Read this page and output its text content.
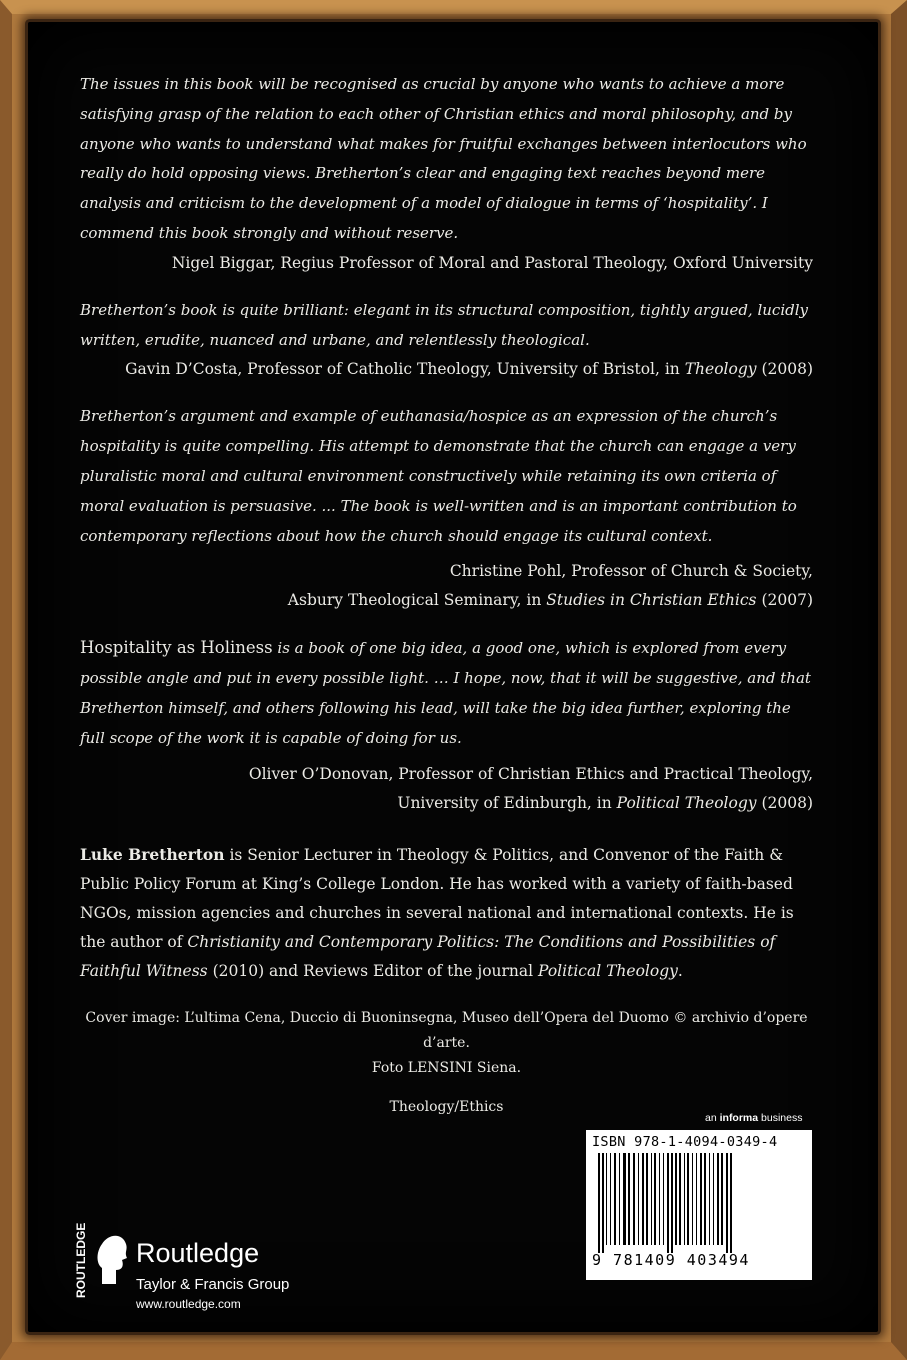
The issues in this book will be recognised as crucial by anyone who wants to achieve a more satisfying grasp of the relation to each other of Christian ethics and moral philosophy, and by anyone who wants to understand what makes for fruitful exchanges between interlocutors who really do hold opposing views. Bretherton’s clear and engaging text reaches beyond mere analysis and criticism to the development of a model of dialogue in terms of ‘hospitality’. I commend this book strongly and without reserve.

Nigel Biggar, Regius Professor of Moral and Pastoral Theology, Oxford University

Bretherton’s book is quite brilliant: elegant in its structural composition, tightly argued, lucidly written, erudite, nuanced and urbane, and relentlessly theological.

Gavin D’Costa, Professor of Catholic Theology, University of Bristol, in Theology (2008)

Bretherton’s argument and example of euthanasia/hospice as an expression of the church’s hospitality is quite compelling. His attempt to demonstrate that the church can engage a very pluralistic moral and cultural environment constructively while retaining its own criteria of moral evaluation is persuasive. ... The book is well-written and is an important contribution to contemporary reflections about how the church should engage its cultural context.

Christine Pohl, Professor of Church & Society,

Asbury Theological Seminary, in Studies in Christian Ethics (2007)

Hospitality as Holiness is a book of one big idea, a good one, which is explored from every possible angle and put in every possible light. … I hope, now, that it will be suggestive, and that Bretherton himself, and others following his lead, will take the big idea further, exploring the full scope of the work it is capable of doing for us.

Oliver O’Donovan, Professor of Christian Ethics and Practical Theology,

University of Edinburgh, in Political Theology (2008)

Luke Bretherton is Senior Lecturer in Theology & Politics, and Convenor of the Faith & Public Policy Forum at King’s College London. He has worked with a variety of faith-based NGOs, mission agencies and churches in several national and international contexts. He is the author of Christianity and Contemporary Politics: The Conditions and Possibilities of Faithful Witness (2010) and Reviews Editor of the journal Political Theology.

Cover image: L’ultima Cena, Duccio di Buoninsegna, Museo dell’Opera del Duomo © archivio d’opere d’arte.

Foto LENSINI Siena.

Theology/Ethics

an informa business
ISBN 978-1-4094-0349-4
9 781409 403494
ROUTLEDGE Routledge
Taylor & Francis Group
www.routledge.com
